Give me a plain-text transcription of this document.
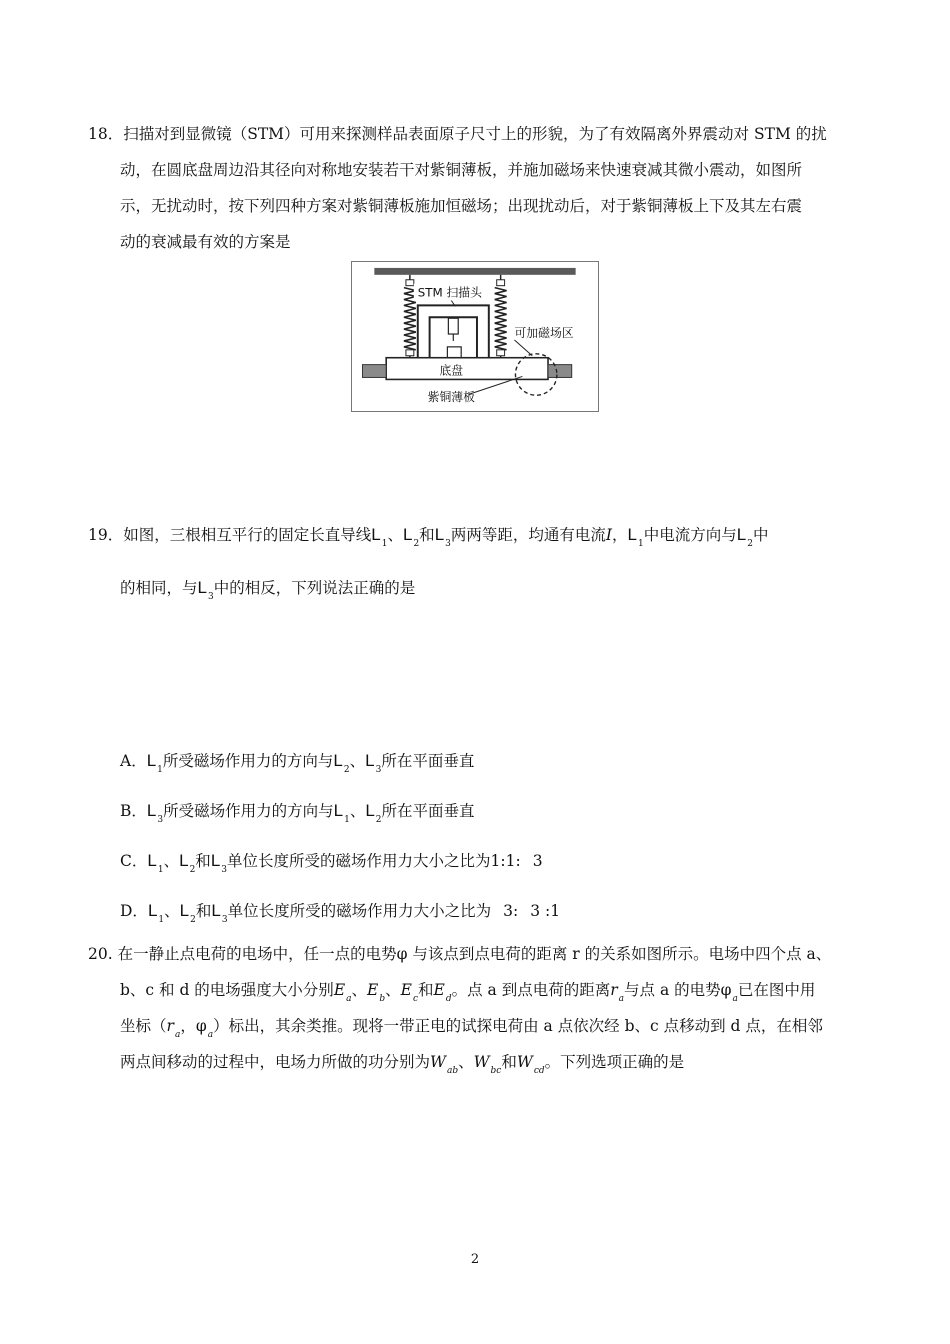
18．扫描对到显微镜（STM）可用来探测样品表面原子尺寸上的形貌，为了有效隔离外界震动对 STM 的扰
动，在圆底盘周边沿其径向对称地安装若干对紫铜薄板，并施加磁场来快速衰减其微小震动，如图所
示，无扰动时，按下列四种方案对紫铜薄板施加恒磁场；出现扰动后，对于紫铜薄板上下及其左右震
动的衰减最有效的方案是
STM 扫描头
可加磁场区
底盘
紫铜薄板
19．如图，三根相互平行的固定长直导线$L_1$、$L_2$和$L_3$两两等距，均通有电流I，$L_1$中电流方向与$L_2$中
的相同，与$L_3$中的相反，下列说法正确的是
A．$L_1$所受磁场作用力的方向与$L_2$、$L_3$所在平面垂直
B．$L_3$所受磁场作用力的方向与$L_1$、$L_2$所在平面垂直
C．$L_1$、$L_2$和$L_3$单位长度所受的磁场作用力大小之比为1:1: 3
D．$L_1$、$L_2$和$L_3$单位长度所受的磁场作用力大小之比为 3: 3 :1
20. 在一静止点电荷的电场中，任一点的电势φ 与该点到点电荷的距离 r 的关系如图所示。电场中四个点 a、
b、c 和 d 的电场强度大小分别$E_a$、$E_b$、$E_c$和$E_d$。点 a 到点电荷的距离$r_a$与点 a 的电势$\varphi_a$已在图中用
坐标（$r_a$，$\varphi_a$）标出，其余类推。现将一带正电的试探电荷由 a 点依次经 b、c 点移动到 d 点，在相邻
两点间移动的过程中，电场力所做的功分别为$W_{ab}$、$W_{bc}$和$W_{cd}$。下列选项正确的是
2
